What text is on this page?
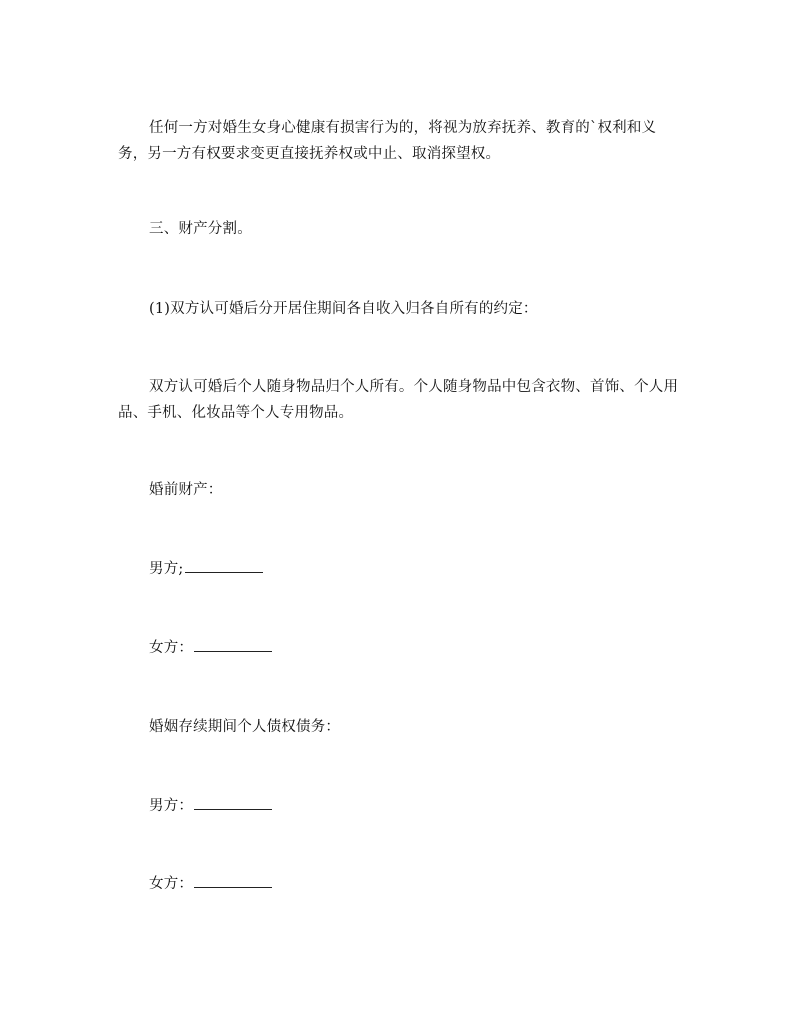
任何一方对婚生女身心健康有损害行为的，将视为放弃抚养、教育的`权利和义务，另一方有权要求变更直接抚养权或中止、取消探望权。

三、财产分割。

(1)双方认可婚后分开居住期间各自收入归各自所有的约定：

双方认可婚后个人随身物品归个人所有。个人随身物品中包含衣物、首饰、个人用品、手机、化妆品等个人专用物品。

婚前财产：

男方;

女方：

婚姻存续期间个人债权债务：

男方：

女方：
